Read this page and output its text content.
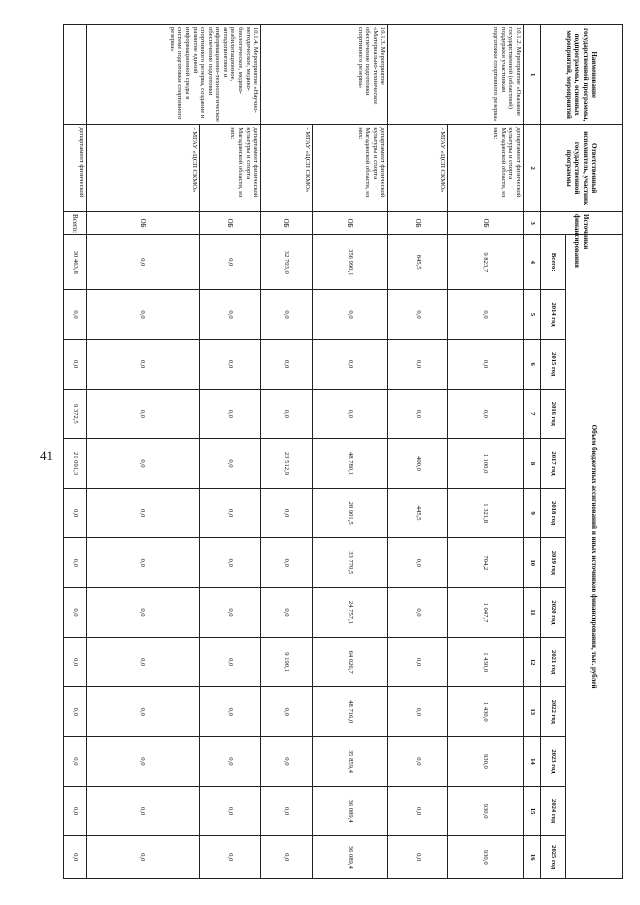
41
Наименование государственной программы, подпрограммы, основных мероприятий, мероприятий	Ответственный исполнитель, участник государственной программы	Источники финансирования	Объем бюджетных ассигнований и иных источников финансирования, тыс. рублей												
			Всего:	2014 год	2015 год	2016 год	2017 год	2018 год	2019 год	2020 год	2021 год	2022 год	2023 год	2024 год	2025 год
1	2	3	4	5	6	7	8	9	10	11	12	13	14	15	16
10.1.2. Мероприятие «Оказание государственной (областной) поддержки участникам подготовки спортивного резерва»	департамент физической культуры и спорта Магаданской области, из них:	ОБ	9 823,7	0,0	0,0	0,0	1 100,0	1 321,8	704,2	1 047,7	1 430,0	1 430,0	930,0	930,0	930,0
	- МГАУ «ЦСП СКМО»	ОБ	845,5	0,0	0,0	0,0	400,0	445,5	0,0	0,0	0,0	0,0	0,0	0,0	0,0
10.1.3. Мероприятие «Материально-техническое обеспечение подготовки спортивного резерва»	департамент физической культуры и спорта Магаданской области, из них:	ОБ	356 990,1	0,0	0,0	0,0	48 780,1	28 901,5	33 770,5	24 757,1	64 026,7	48 716,0	35 859,4	36 089,4	36 089,4
	- МГАУ «ЦСП СКМО»	ОБ	32 703,0	0,0	0,0	0,0	23 512,9	0,0	0,0	0,0	9 190,1	0,0	0,0	0,0	0,0
10.1.4. Мероприятие «Научно-методическое, медико-биологическое, медико-реабилитационное, антидопинговое и информационно-технологическое обеспечение подготовки спортивного резерва, создание и развитие единой информационной среды в системе подготовки спортивного резерва»	департамент физической культуры и спорта Магаданской области, из них:	ОБ	0,0	0,0	0,0	0,0	0,0	0,0	0,0	0,0	0,0	0,0	0,0	0,0	0,0
	- МГАУ «ЦСП СКМО»	ОБ	0,0	0,0	0,0	0,0	0,0	0,0	0,0	0,0	0,0	0,0	0,0	0,0	0,0
	департамент физической	Всего:	30 463,8	0,0	0,0	9 372,5	21 091,3	0,0	0,0	0,0	0,0	0,0	0,0	0,0	0,0
